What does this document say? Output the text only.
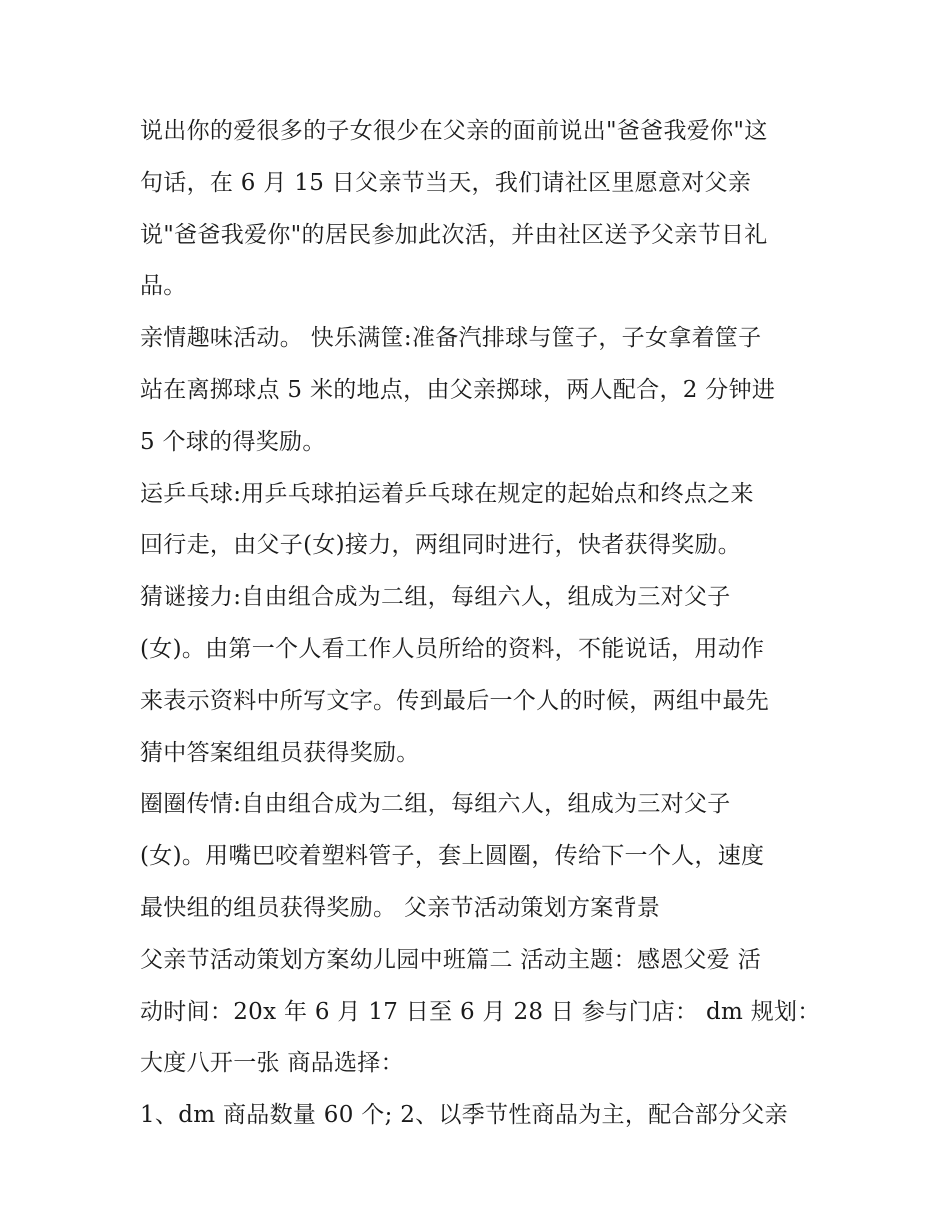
说出你的爱很多的子女很少在父亲的面前说出"爸爸我爱你"这
句话，在 6 月 15 日父亲节当天，我们请社区里愿意对父亲
说"爸爸我爱你"的居民参加此次活，并由社区送予父亲节日礼
品。
亲情趣味活动。 快乐满筐:准备汽排球与筐子，子女拿着筐子
站在离掷球点 5 米的地点，由父亲掷球，两人配合，2 分钟进
5 个球的得奖励。
运乒乓球:用乒乓球拍运着乒乓球在规定的起始点和终点之来
回行走，由父子(女)接力，两组同时进行，快者获得奖励。
猜谜接力:自由组合成为二组，每组六人，组成为三对父子
(女)。由第一个人看工作人员所给的资料，不能说话，用动作
来表示资料中所写文字。传到最后一个人的时候，两组中最先
猜中答案组组员获得奖励。
圈圈传情:自由组合成为二组，每组六人，组成为三对父子
(女)。用嘴巴咬着塑料管子，套上圆圈，传给下一个人，速度
最快组的组员获得奖励。 父亲节活动策划方案背景
父亲节活动策划方案幼儿园中班篇二 活动主题：感恩父爱 活
动时间：20x 年 6 月 17 日至 6 月 28 日 参与门店： dm 规划：
大度八开一张 商品选择：
1、dm 商品数量 60 个; 2、以季节性商品为主，配合部分父亲
